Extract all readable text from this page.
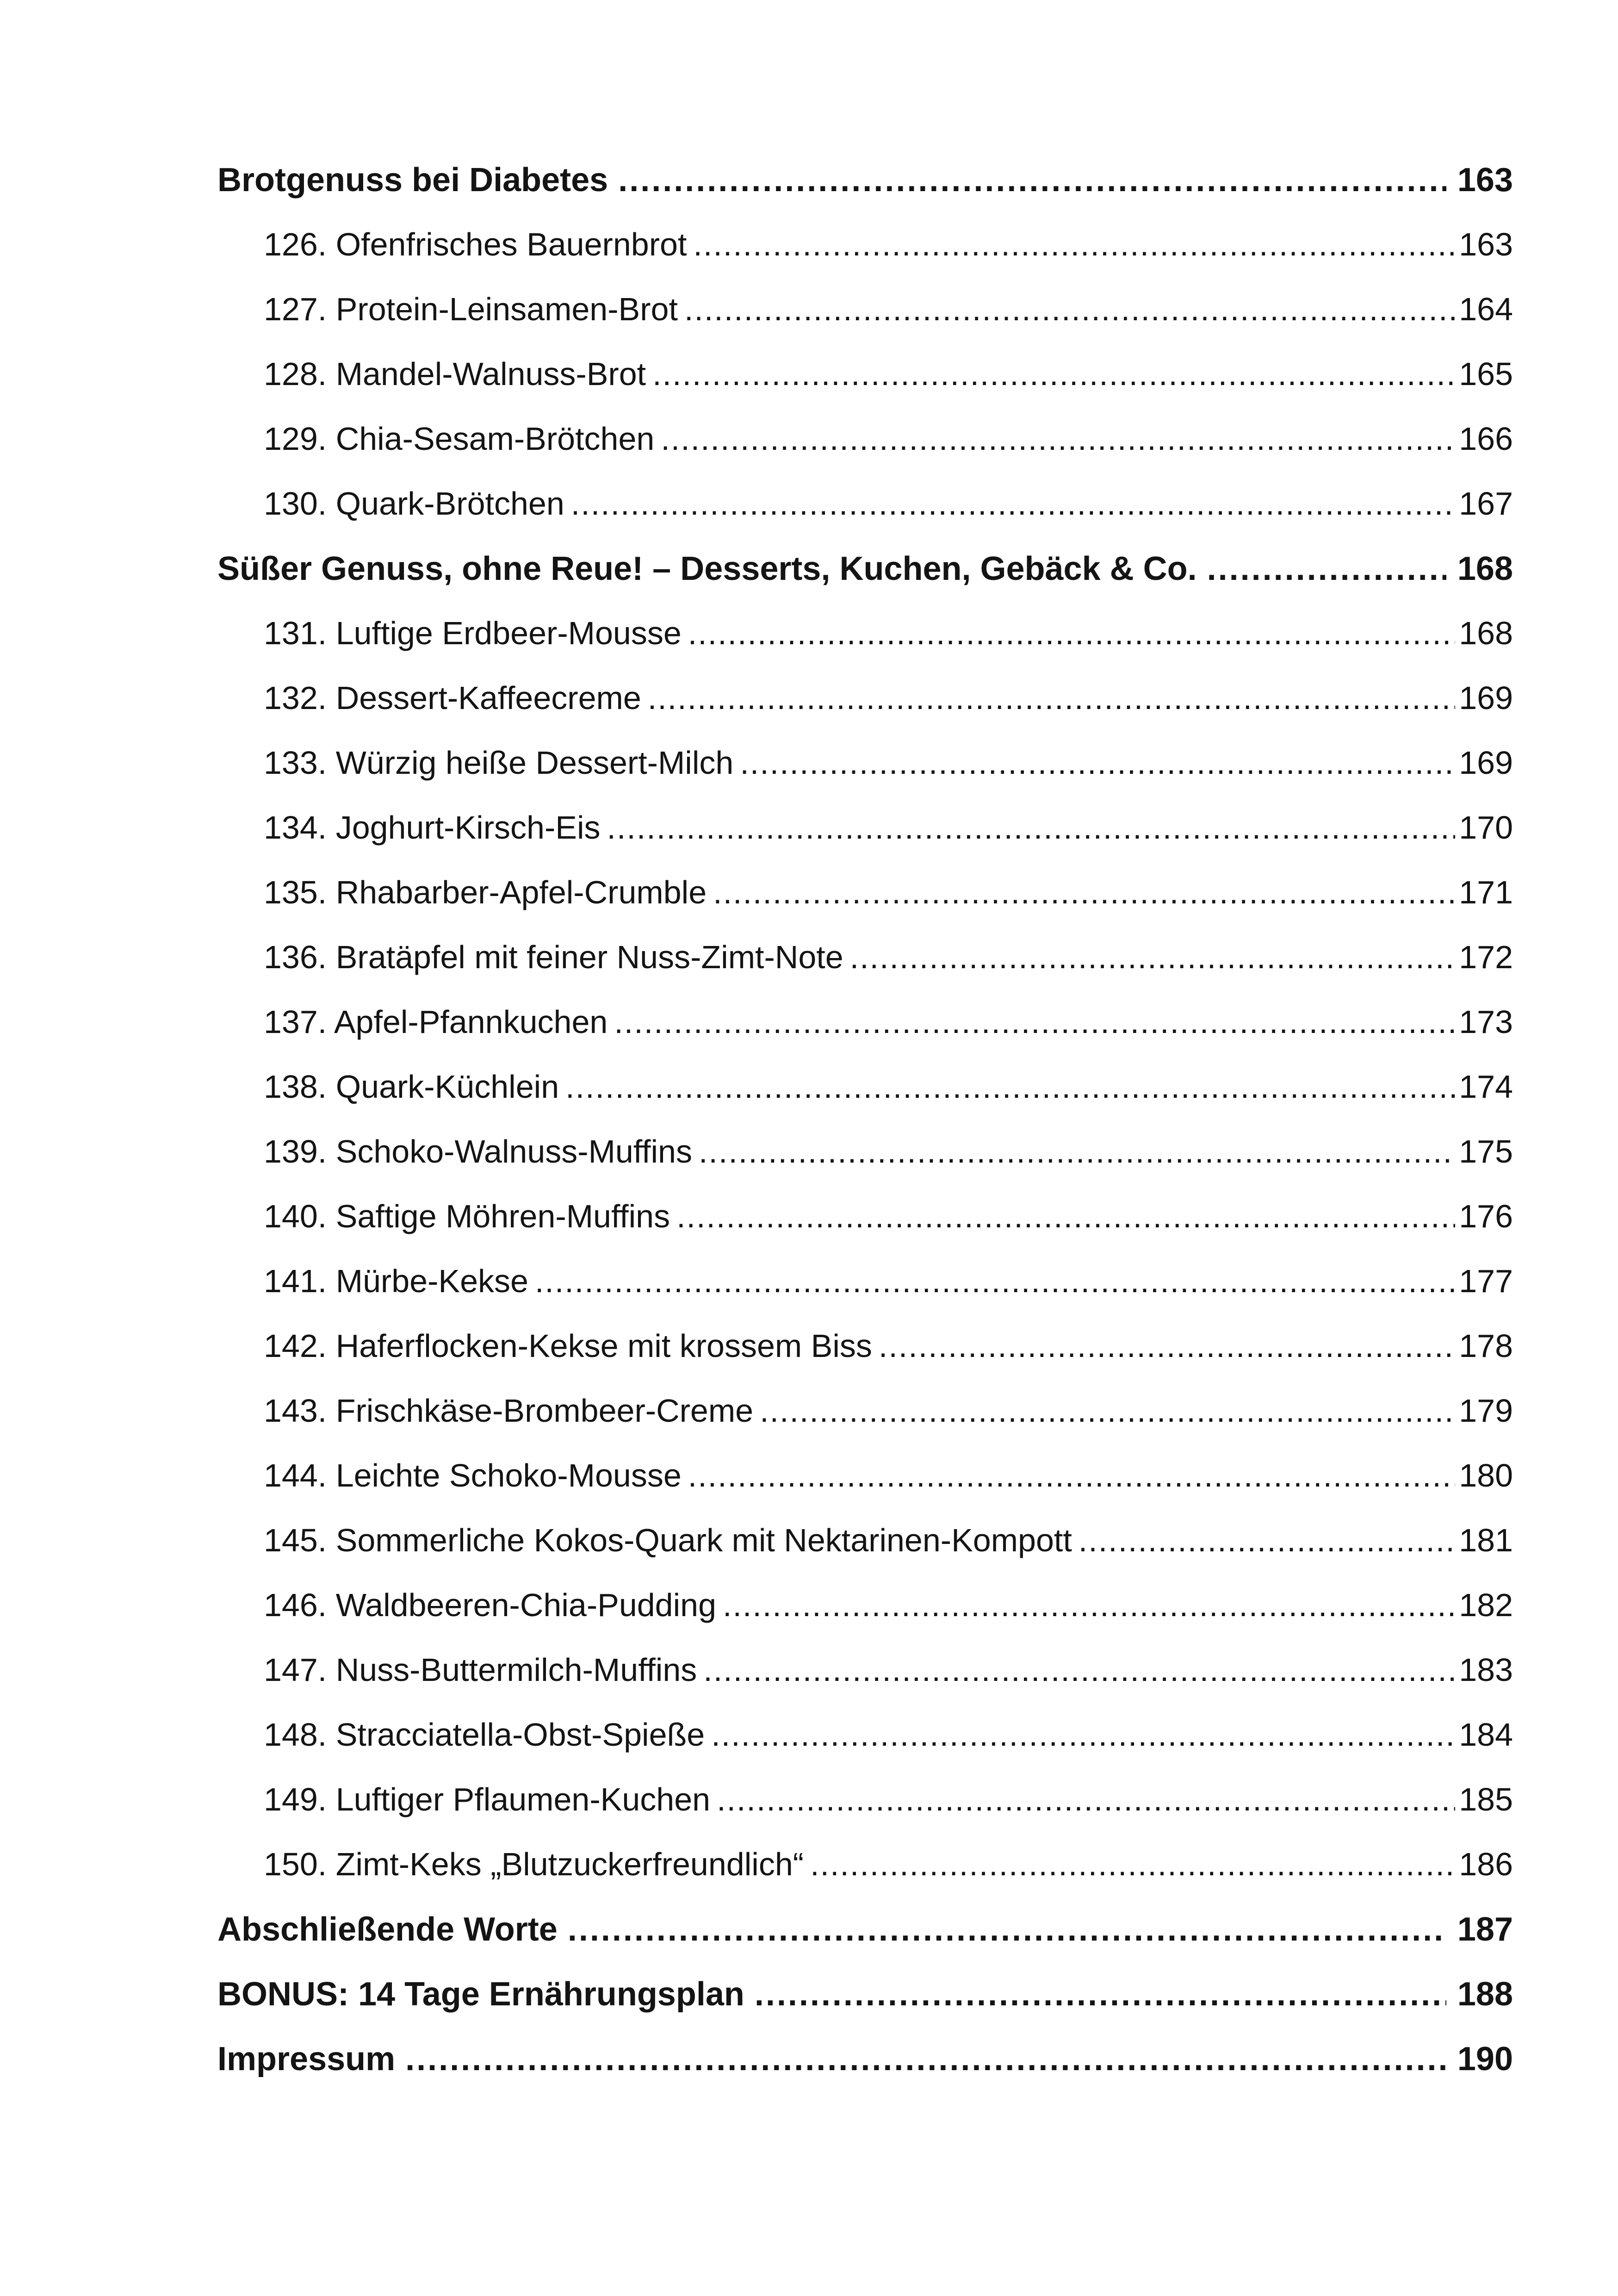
Brotgenuss bei Diabetes .....	163
126. Ofenfrisches Bauernbrot .....	163
127. Protein-Leinsamen-Brot .....	164
128. Mandel-Walnuss-Brot .....	165
129. Chia-Sesam-Brötchen .....	166
130. Quark-Brötchen .....	167
Süßer Genuss, ohne Reue! – Desserts, Kuchen, Gebäck & Co. .....	168
131. Luftige Erdbeer-Mousse .....	168
132. Dessert-Kaffeecreme .....	169
133. Würzig heiße Dessert-Milch .....	169
134. Joghurt-Kirsch-Eis .....	170
135. Rhabarber-Apfel-Crumble .....	171
136. Bratäpfel mit feiner Nuss-Zimt-Note .....	172
137. Apfel-Pfannkuchen .....	173
138. Quark-Küchlein .....	174
139. Schoko-Walnuss-Muffins .....	175
140. Saftige Möhren-Muffins .....	176
141. Mürbe-Kekse .....	177
142. Haferflocken-Kekse mit krossem Biss .....	178
143. Frischkäse-Brombeer-Creme .....	179
144. Leichte Schoko-Mousse .....	180
145. Sommerliche Kokos-Quark mit Nektarinen-Kompott .....	181
146. Waldbeeren-Chia-Pudding .....	182
147. Nuss-Buttermilch-Muffins .....	183
148. Stracciatella-Obst-Spieße .....	184
149. Luftiger Pflaumen-Kuchen .....	185
150. Zimt-Keks „Blutzuckerfreundlich“ .....	186
Abschließende Worte .....	187
BONUS: 14 Tage Ernährungsplan .....	188
Impressum .....	190
